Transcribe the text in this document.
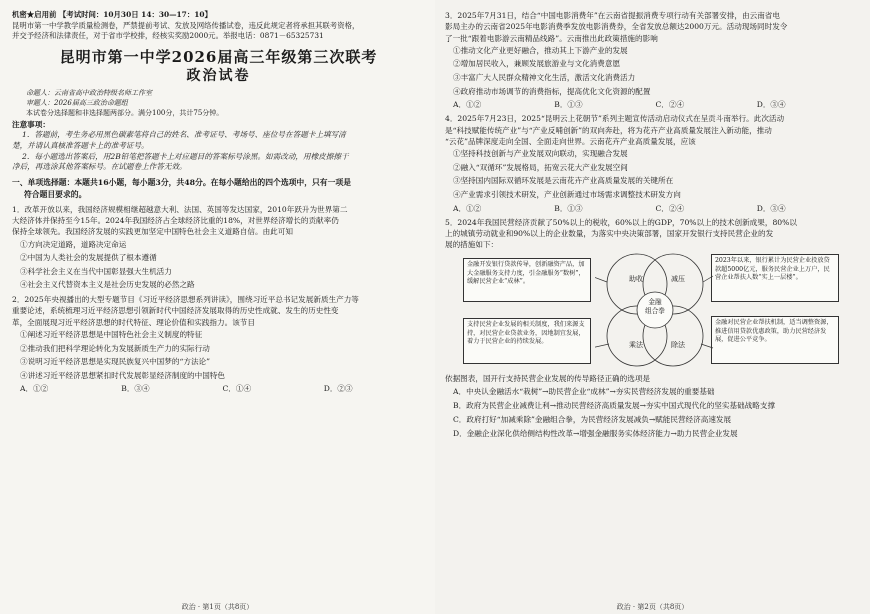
机密★启用前 【考试时间：10月30日 14：30—17：10】
昆明市第一中学教学质量检测卷，严禁提前考试、发放及网络传播试卷，违反此规定者将承担其联考资格，
并交予经济和法律责任，对于省市学校排，经核实奖励2000元。举报电话：0871－65325731
昆明市第一中学2026届高三年级第三次联考
政治试卷
命题人：云南省高中政治特级名师工作室
审题人：2026届高三政治命题组
本试卷分选择题和非选择题两部分。满分100分，共计75分钟。
注意事项：
1．答题前，考生务必用黑色碳素笔将自己的姓名、准考证号、考场号、座位号在答题卡上填写清
楚，并请认真核准答题卡上的准考证号。
2．每小题选出答案后，用2B铅笔把答题卡上对应题目的答案标号涂黑。如需改动，用橡皮擦擦干
净后，再选涂其他答案标号。在试题卷上作答无效。
一、单项选择题：本题共16小题，每小题3分，共48分。在每小题给出的四个选项中，只有一项是
符合题目要求的。
1．改革开放以来，我国经济规模相继超越意大利、法国、英国等发达国家，2010年跃升为世界第二
大经济体并保持至今15年。2024年我国经济占全球经济比重的18%，对世界经济增长的贡献率仍
保持全球领先。我国经济发展的实践更加坚定中国特色社会主义道路自信。由此可知
①方向决定道路，道路决定命运
②中国为人类社会的发展提供了根本遵循
③科学社会主义在当代中国彰显强大生机活力
④社会主义代替资本主义是社会历史发展的必然之路
2．2025年央视播出的大型专题节目《习近平经济思想系列讲读》，围绕习近平总书记发展新质生产力等
重要论述，系统梳理习近平经济思想引领新时代中国经济发展取得的历史性成就、发生的历史性变
革，全面展现习近平经济思想的时代特征、理论价值和实践指力。该节目
①阐述习近平经济思想是中国特色社会主义制度的特征
②推动我们把科学理论转化为发展新质生产力的实际行动
③说明习近平经济思想是实现民族复兴中国梦的“方法论”
④讲述习近平经济思想紧扣时代发展彰显经济制度的中国特色
A．①②	B．③④	C．①④	D．②③
政治 · 第1页（共8页）
3．2025年7月31日，结合“中国电影消费年”在云南省提振消费专项行动有关部署安排，由云南省电
影局主办的云南省2025年电影消费季发放电影消费券，全省发放总额达2000万元。活动现场同时发令
了一批“跟着电影游云南精品线路”。云南推出此政策措施的影响
①推动文化产业更好融合，推动其上下游产业的发展
②增加居民收入，兼顾发展旅游业与文化消费意愿
③丰富广大人民群众精神文化生活，激活文化消费活力
④政府推动市场调节的消费指标，提高优化文化资源的配置
A．①②	B．①③	C．②④	D．③④
4．2025年7月23日，2025“昆明云上花朝节”系列主题宣传活动启动仪式在呈贡斗南举行。此次活动
是“科技赋能传统产业”与“产业反哺创新”的双向奔赴，将为花卉产业高质量发展注入新动能，推动
“云花”品牌深度走向全国、全面走向世界。云南花卉产业高质量发展，应该
①坚持科技创新与产业发展双向联动，实现融合发展
②融入“双循环”发展格局，拓宽云花大产业发展空间
③坚持国内国际双循环发展是云南花卉产业高质量发展的关键所在
④产业需求引领技术研发，产业创新通过市场需求调整技术研发方向
A．①②	B．①③	C．②④	D．③④
5．2024年我国民营经济贡献了50%以上的税收，60%以上的GDP，70%以上的技术创新成果，80%以
上的城镇劳动就业和90%以上的企业数量，为落实中央决策部署，国家开发银行支持民营企业的发
展的措施如下：
金融开发银行贷款传导，创新融资产品，加大金融服务支持力度，引金融服务“数树”，缓解民营企业“成林”。
2023年以来，银行累计为民营企业投放贷款超5000亿元，服务民营企业上万户，民营企业帮扶人数“实上一层楼”。
支持民营企业发展的相关制度，我们来源支持，对民营企业贷款业务，因地制宜发展，着力于民营企业的持续发展。
金融对民营企业帮扶机制，适当调整资源，推进信用贷款优惠政策，助力民营经济发展，促进公平竞争。
助收	减压
乘法	除法
金融
组合拳
依据图表，国开行支持民营企业发展的传导路径正确的选项是
A．中央认金融活水“栽树”→助民营企业“成林”→夯实民营经济发展的重要基础
B．政府为民营企业减费让利→推动民营经济高质量发展→夯实中国式现代化的坚实基础战略支撑
C．政府打好“加减乘除”金融组合拳，为民营经济发展减负→赋能民营经济高速发展
D．金融企业深化供给侧结构性改革→增强金融服务实体经济能力→助力民营企业发展
政治 · 第2页（共8页）
